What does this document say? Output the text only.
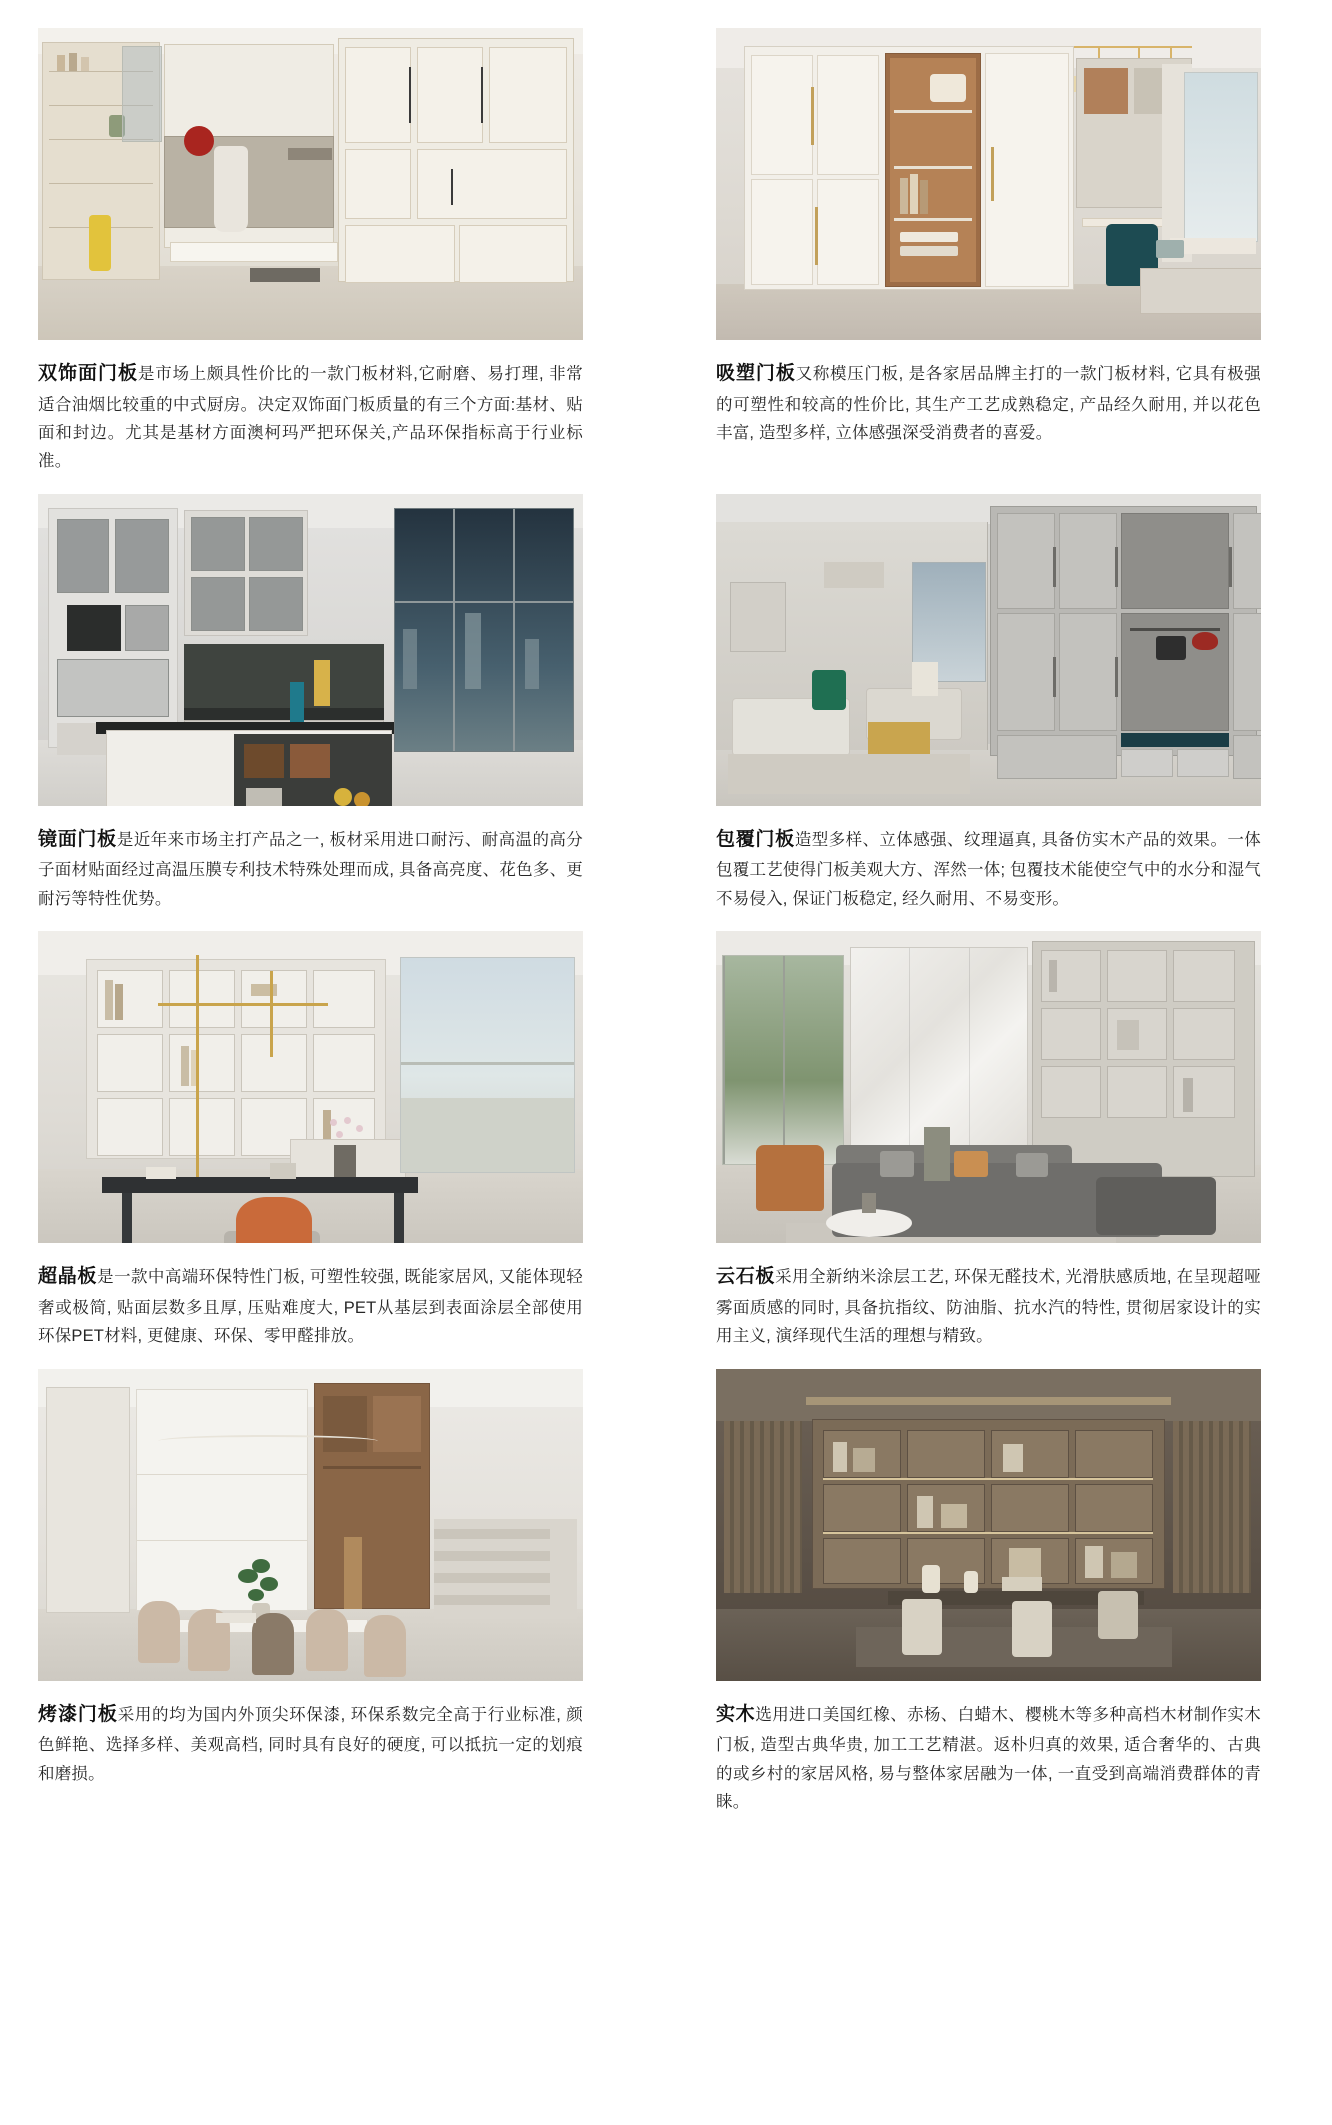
双饰面门板是市场上颇具性价比的一款门板材料,它耐磨、易打理, 非常适合油烟比较重的中式厨房。决定双饰面门板质量的有三个方面:基材、贴面和封边。尤其是基材方面澳柯玛严把环保关,产品环保指标高于行业标准。
吸塑门板又称模压门板, 是各家居品牌主打的一款门板材料, 它具有极强的可塑性和较高的性价比, 其生产工艺成熟稳定, 产品经久耐用, 并以花色丰富, 造型多样, 立体感强深受消费者的喜爱。
镜面门板是近年来市场主打产品之一, 板材采用进口耐污、耐高温的高分子面材贴面经过高温压膜专利技术特殊处理而成, 具备高亮度、花色多、更耐污等特性优势。
包覆门板造型多样、立体感强、纹理逼真, 具备仿实木产品的效果。一体包覆工艺使得门板美观大方、浑然一体; 包覆技术能使空气中的水分和湿气不易侵入, 保证门板稳定, 经久耐用、不易变形。
超晶板是一款中高端环保特性门板, 可塑性较强, 既能家居风, 又能体现轻奢或极简, 贴面层数多且厚, 压贴难度大, PET从基层到表面涂层全部使用环保PET材料, 更健康、环保、零甲醛排放。
云石板采用全新纳米涂层工艺, 环保无醛技术, 光滑肤感质地, 在呈现超哑雾面质感的同时, 具备抗指纹、防油脂、抗水汽的特性, 贯彻居家设计的实用主义, 演绎现代生活的理想与精致。
烤漆门板采用的均为国内外顶尖环保漆, 环保系数完全高于行业标准, 颜色鲜艳、选择多样、美观高档, 同时具有良好的硬度, 可以抵抗一定的划痕和磨损。
实木选用进口美国红橡、赤杨、白蜡木、樱桃木等多种高档木材制作实木门板, 造型古典华贵, 加工工艺精湛。返朴归真的效果, 适合奢华的、古典的或乡村的家居风格, 易与整体家居融为一体, 一直受到高端消费群体的青睐。
